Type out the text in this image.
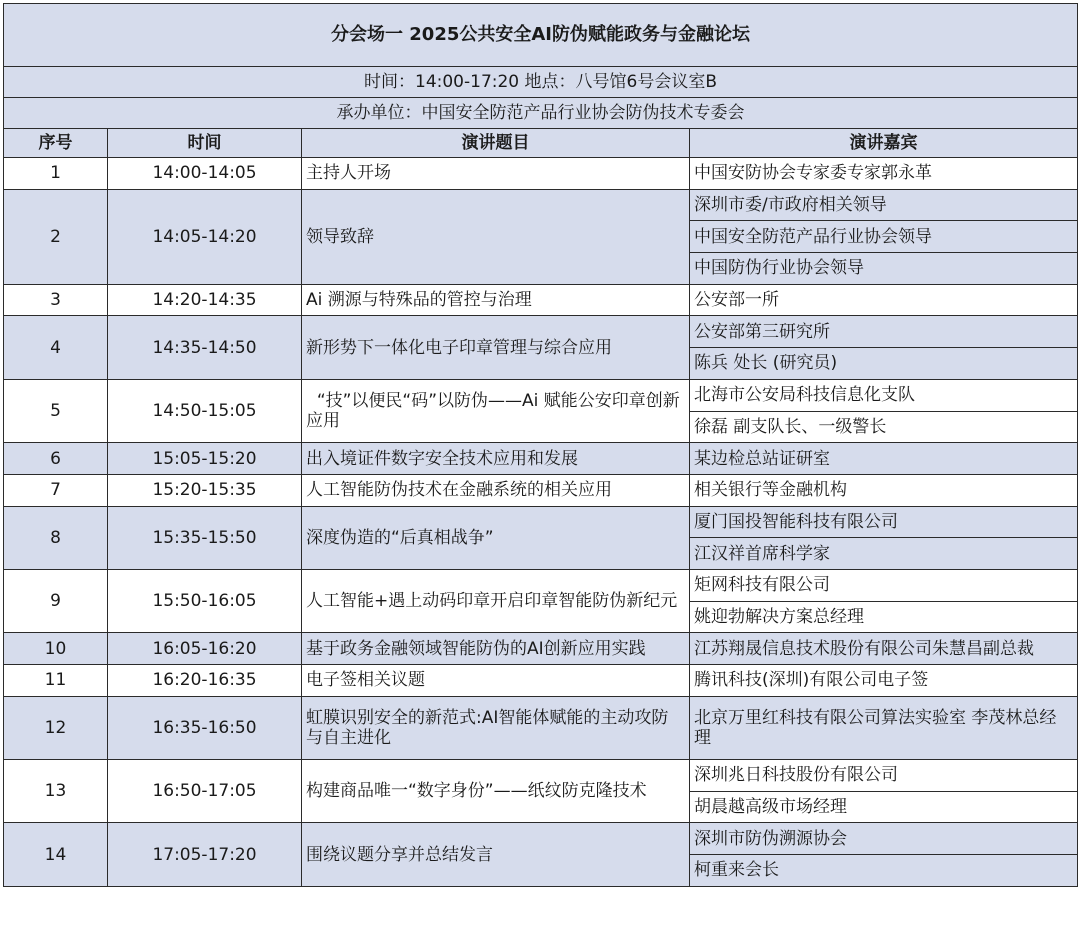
分会场一 2025公共安全AI防伪赋能政务与金融论坛			
时间：14:00-17:20 地点：八号馆6号会议室B			
承办单位：中国安全防范产品行业协会防伪技术专委会			
序号	时间	演讲题目	演讲嘉宾
1	14:00-14:05	主持人开场	中国安防协会专家委专家郭永革
2	14:05-14:20	领导致辞	深圳市委/市政府相关领导
			中国安全防范产品行业协会领导
			中国防伪行业协会领导
3	14:20-14:35	Ai 溯源与特殊品的管控与治理	公安部一所
4	14:35-14:50	新形势下一体化电子印章管理与综合应用	公安部第三研究所
			陈兵 处长 (研究员)
5	14:50-15:05	“技”以便民“码”以防伪——Ai 赋能公安印章创新应用	北海市公安局科技信息化支队
			徐磊 副支队长、一级警长
6	15:05-15:20	出入境证件数字安全技术应用和发展	某边检总站证研室
7	15:20-15:35	人工智能防伪技术在金融系统的相关应用	相关银行等金融机构
8	15:35-15:50	深度伪造的“后真相战争”	厦门国投智能科技有限公司
			江汉祥首席科学家
9	15:50-16:05	人工智能+遇上动码印章开启印章智能防伪新纪元	矩网科技有限公司
			姚迎勃解决方案总经理
10	16:05-16:20	基于政务金融领域智能防伪的AI创新应用实践	江苏翔晟信息技术股份有限公司朱慧昌副总裁
11	16:20-16:35	电子签相关议题	腾讯科技(深圳)有限公司电子签
12	16:35-16:50	虹膜识别安全的新范式:AI智能体赋能的主动攻防与自主进化	北京万里红科技有限公司算法实验室 李茂林总经理
13	16:50-17:05	构建商品唯一“数字身份”——纸纹防克隆技术	深圳兆日科技股份有限公司
			胡晨越高级市场经理
14	17:05-17:20	围绕议题分享并总结发言	深圳市防伪溯源协会
			柯重来会长
